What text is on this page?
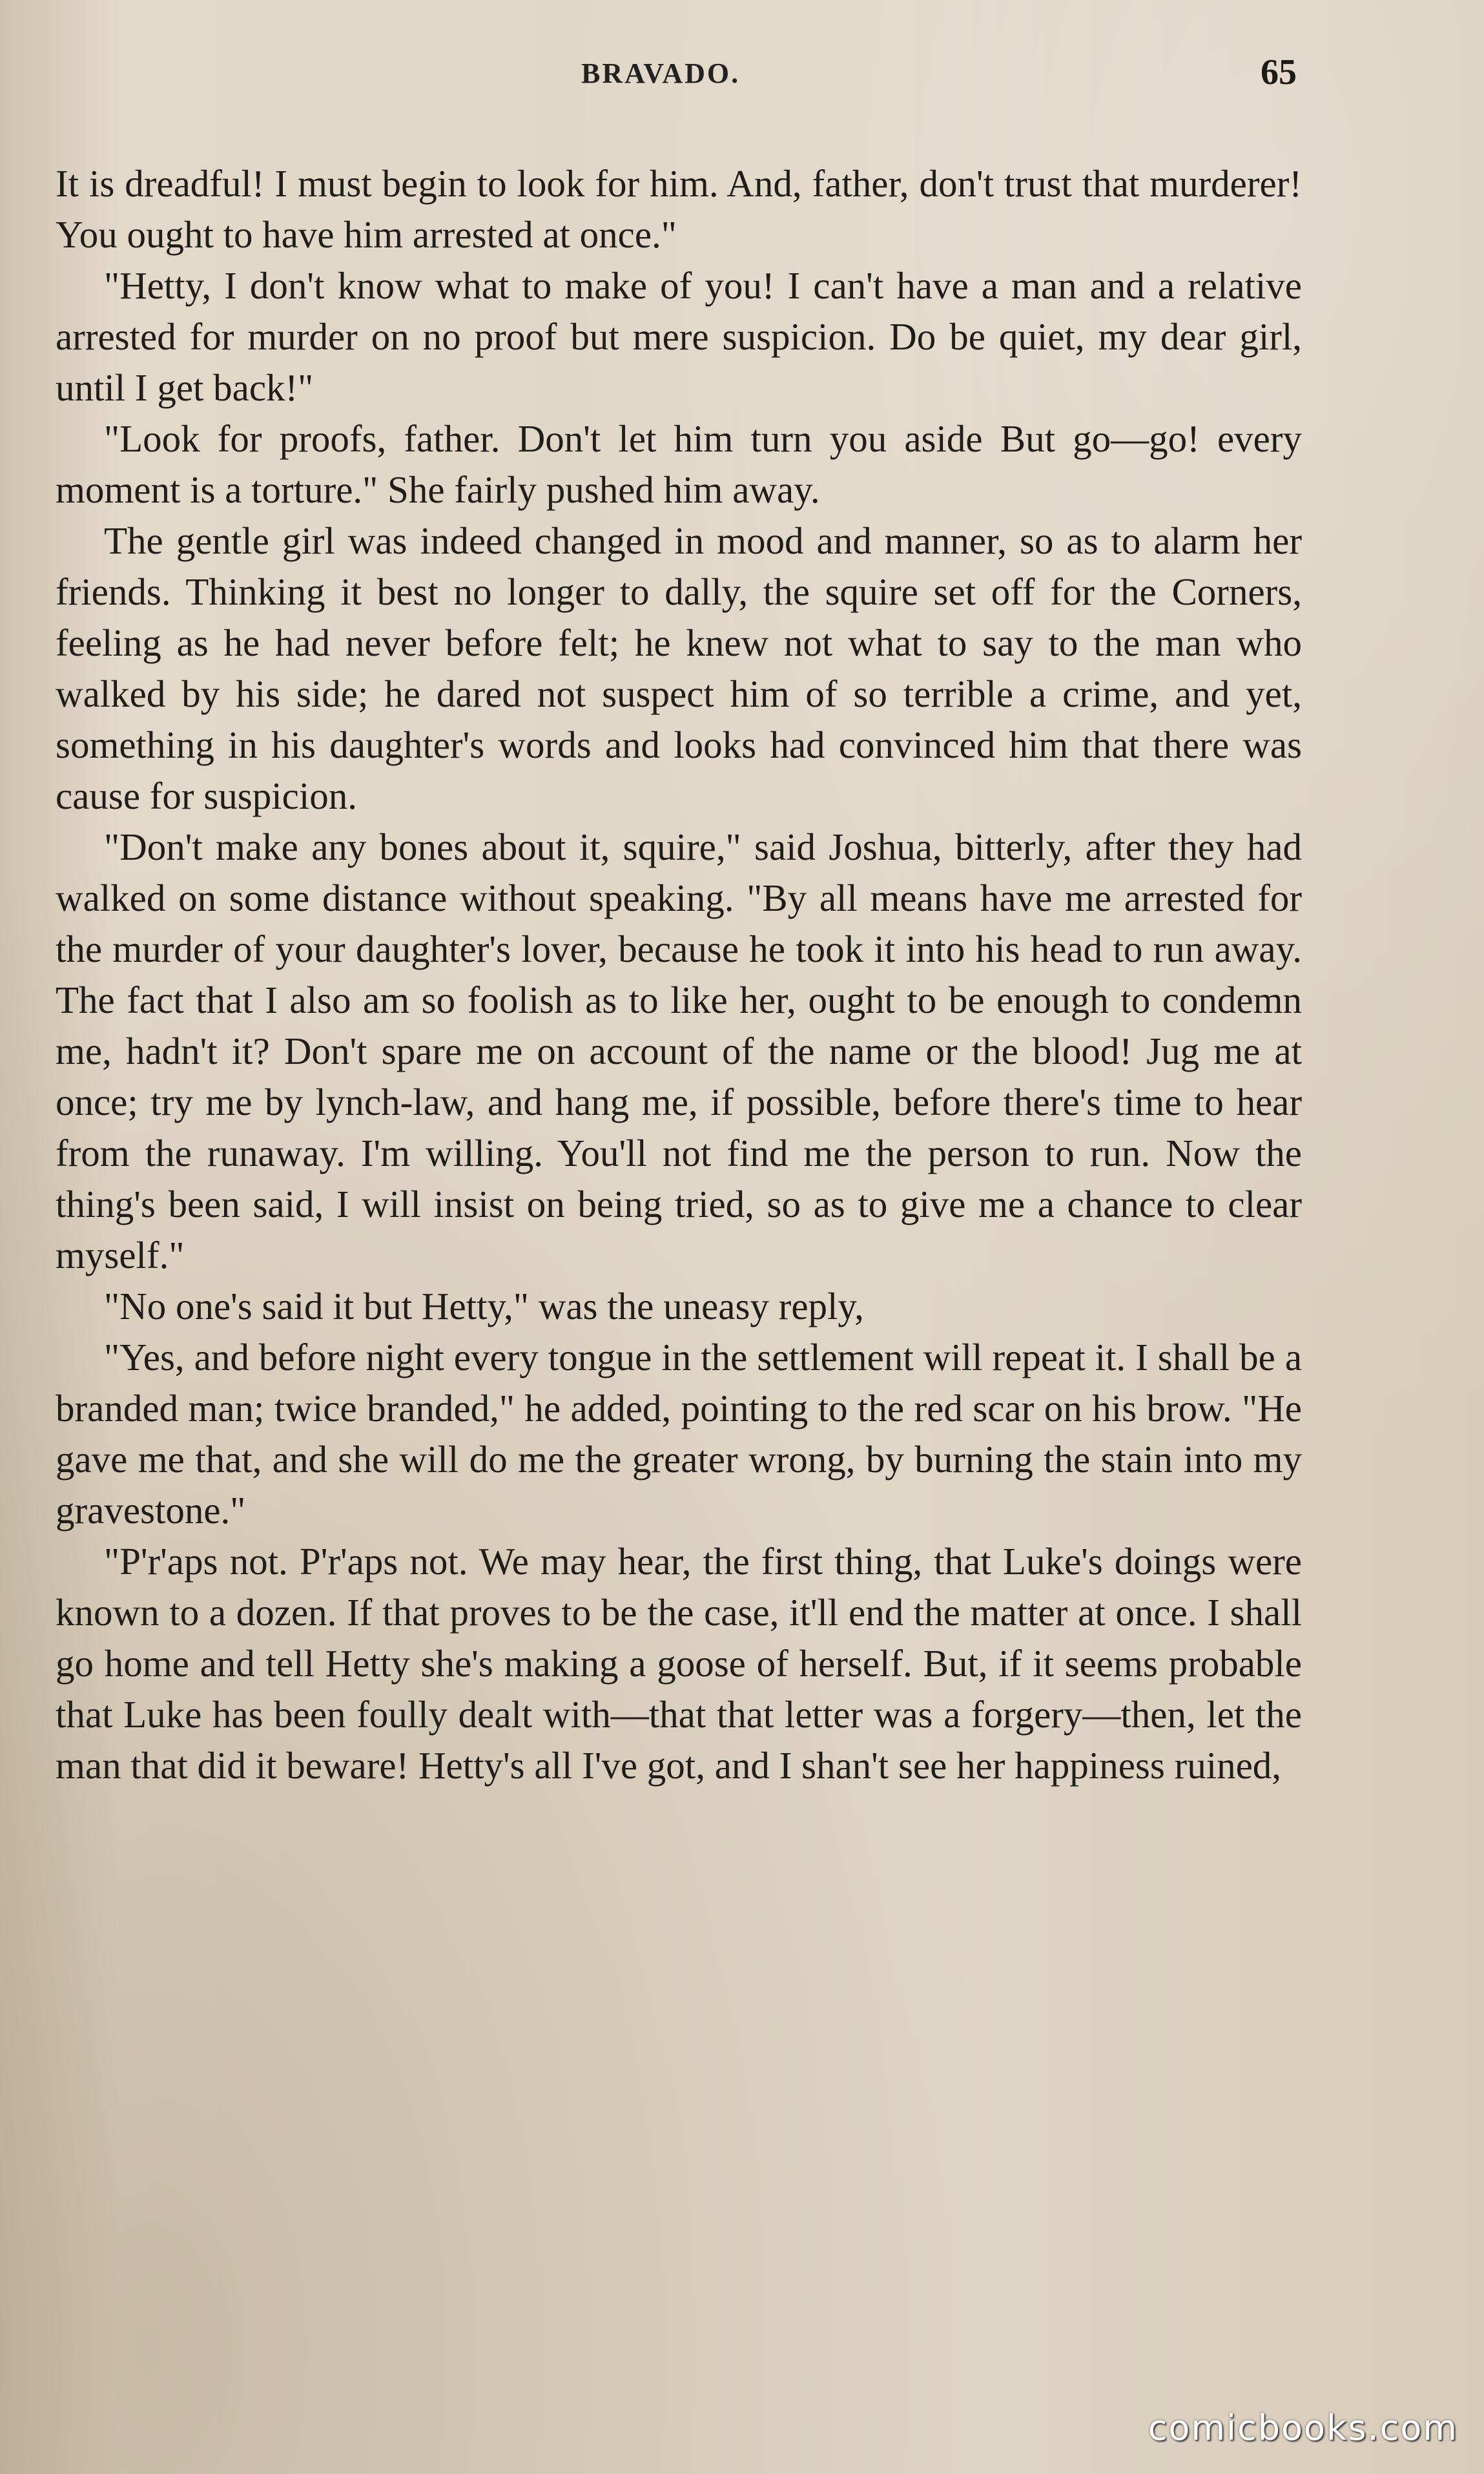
BRAVADO.	65

It is dreadful! I must begin to look for him. And, father, don't trust that murderer! You ought to have him arrested at once."

"Hetty, I don't know what to make of you! I can't have a man and a relative arrested for murder on no proof but mere suspicion. Do be quiet, my dear girl, until I get back!"

"Look for proofs, father. Don't let him turn you aside But go—go! every moment is a torture." She fairly pushed him away.

The gentle girl was indeed changed in mood and manner, so as to alarm her friends. Thinking it best no longer to dally, the squire set off for the Corners, feeling as he had never before felt; he knew not what to say to the man who walked by his side; he dared not suspect him of so terrible a crime, and yet, something in his daughter's words and looks had convinced him that there was cause for suspicion.

"Don't make any bones about it, squire," said Joshua, bitterly, after they had walked on some distance without speaking. "By all means have me arrested for the murder of your daughter's lover, because he took it into his head to run away. The fact that I also am so foolish as to like her, ought to be enough to condemn me, hadn't it? Don't spare me on account of the name or the blood! Jug me at once; try me by lynch-law, and hang me, if possible, before there's time to hear from the runaway. I'm willing. You'll not find me the person to run. Now the thing's been said, I will insist on being tried, so as to give me a chance to clear myself."

"No one's said it but Hetty," was the uneasy reply,

"Yes, and before night every tongue in the settlement will repeat it. I shall be a branded man; twice branded," he added, pointing to the red scar on his brow. "He gave me that, and she will do me the greater wrong, by burning the stain into my gravestone."

"P'r'aps not. P'r'aps not. We may hear, the first thing, that Luke's doings were known to a dozen. If that proves to be the case, it'll end the matter at once. I shall go home and tell Hetty she's making a goose of herself. But, if it seems probable that Luke has been foully dealt with—that that letter was a forgery—then, let the man that did it beware! Hetty's all I've got, and I shan't see her happiness ruined,

comicbooks.com
